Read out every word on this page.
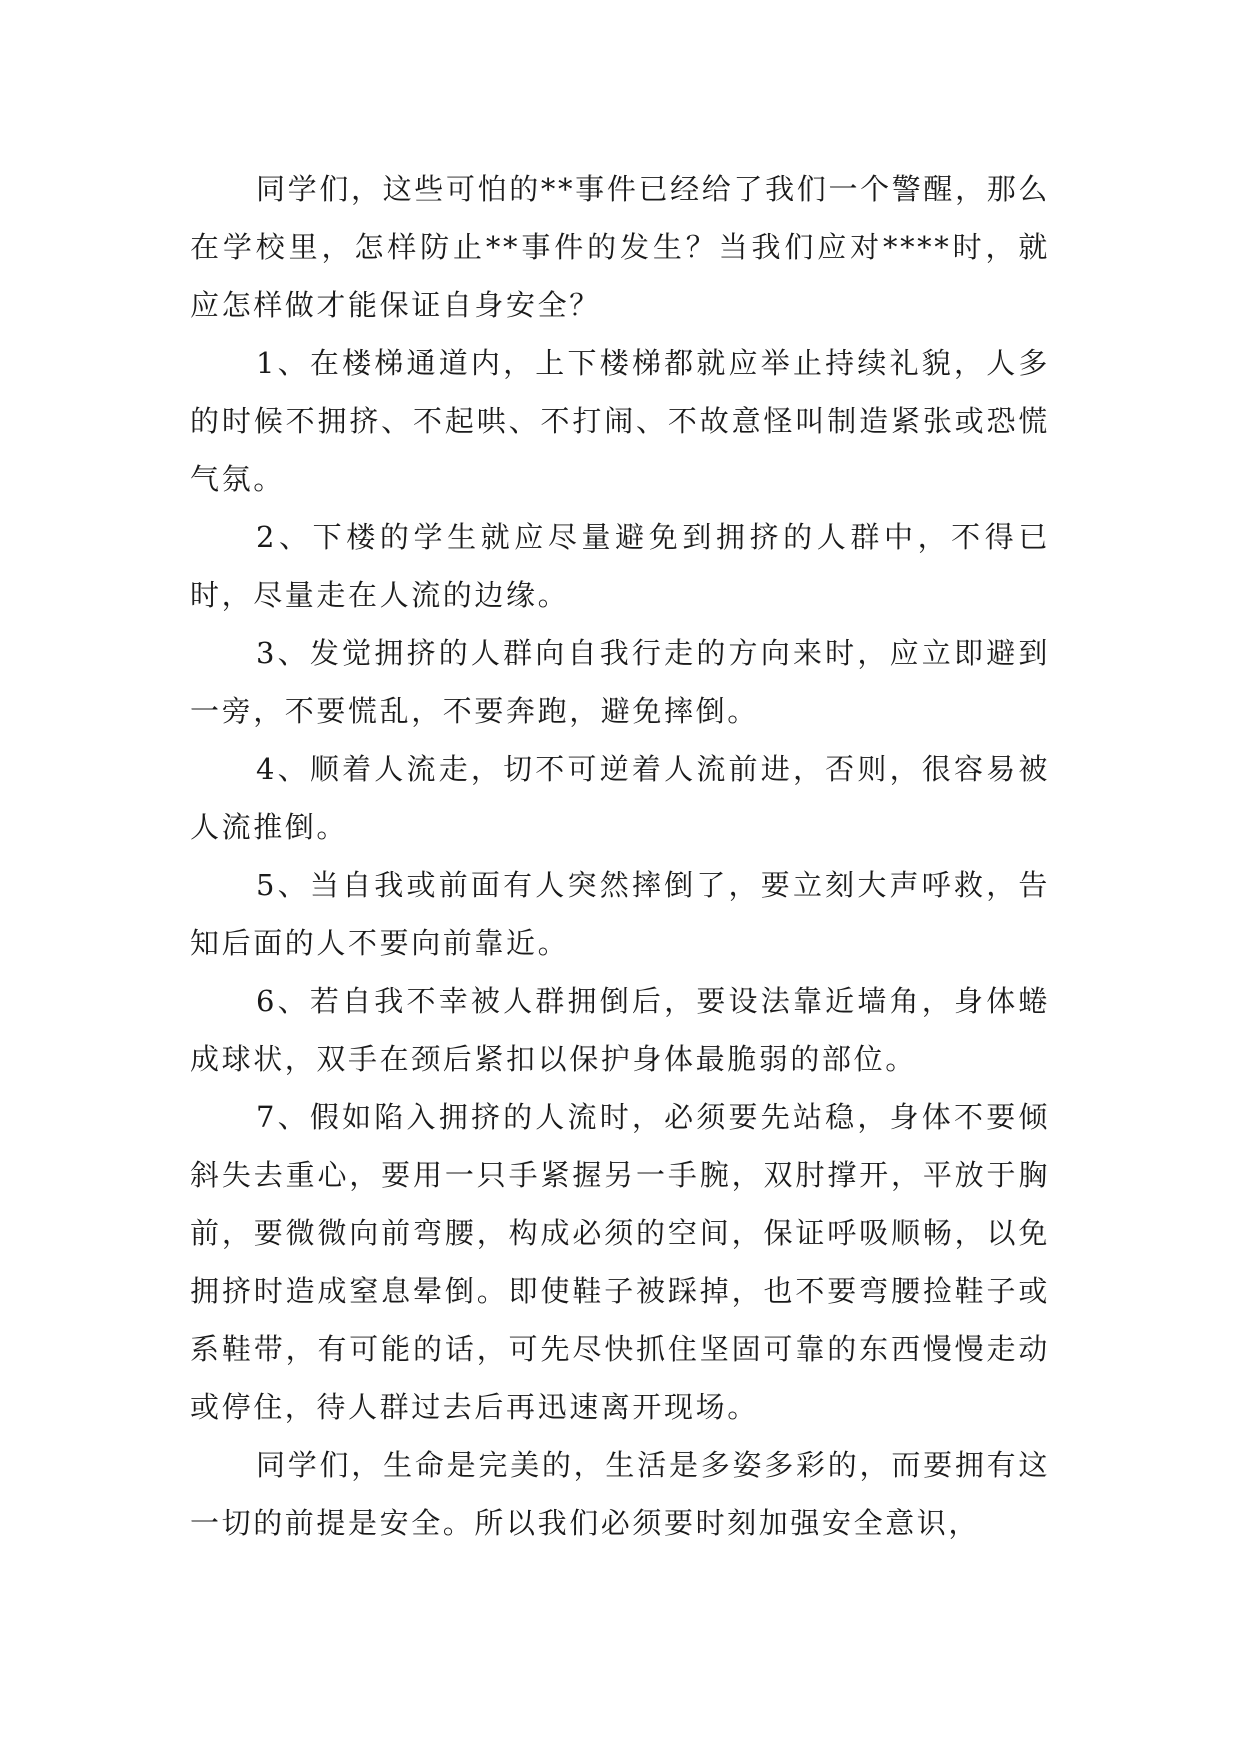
同学们，这些可怕的**事件已经给了我们一个警醒，那么在学校里，怎样防止**事件的发生？当我们应对****时，就应怎样做才能保证自身安全？

1、在楼梯通道内，上下楼梯都就应举止持续礼貌，人多的时候不拥挤、不起哄、不打闹、不故意怪叫制造紧张或恐慌气氛。

2、下楼的学生就应尽量避免到拥挤的人群中，不得已时，尽量走在人流的边缘。

3、发觉拥挤的人群向自我行走的方向来时，应立即避到一旁，不要慌乱，不要奔跑，避免摔倒。

4、顺着人流走，切不可逆着人流前进，否则，很容易被人流推倒。

5、当自我或前面有人突然摔倒了，要立刻大声呼救，告知后面的人不要向前靠近。

6、若自我不幸被人群拥倒后，要设法靠近墙角，身体蜷成球状，双手在颈后紧扣以保护身体最脆弱的部位。

7、假如陷入拥挤的人流时，必须要先站稳，身体不要倾斜失去重心，要用一只手紧握另一手腕，双肘撑开，平放于胸前，要微微向前弯腰，构成必须的空间，保证呼吸顺畅，以免拥挤时造成窒息晕倒。即使鞋子被踩掉，也不要弯腰捡鞋子或系鞋带，有可能的话，可先尽快抓住坚固可靠的东西慢慢走动或停住，待人群过去后再迅速离开现场。

同学们，生命是完美的，生活是多姿多彩的，而要拥有这一切的前提是安全。所以我们必须要时刻加强安全意识，
